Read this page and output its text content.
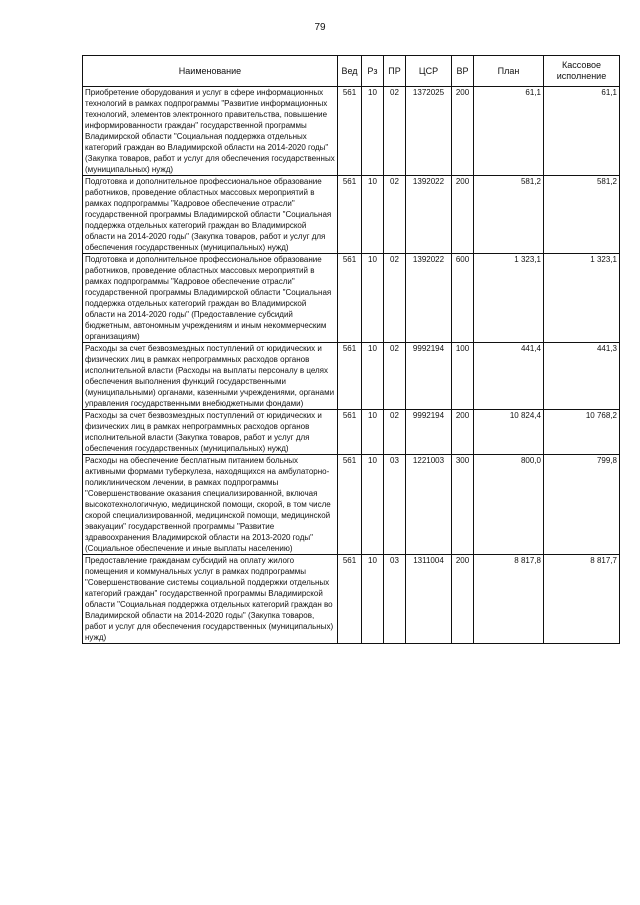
79
Наименование	Вед	Рз	ПР	ЦСР	ВР	План	Кассовое исполнение
Приобретение оборудования и услуг в сфере информационных технологий в рамках подпрограммы "Развитие информационных технологий, элементов электронного правительства, повышение информированности граждан" государственной программы Владимирской области "Социальная поддержка отдельных категорий граждан во Владимирской области на 2014-2020 годы" (Закупка товаров, работ и услуг для обеспечения государственных (муниципальных) нужд)	561	10	02	1372025	200	61,1	61,1
Подготовка и дополнительное профессиональное образование работников, проведение областных массовых мероприятий в рамках подпрограммы "Кадровое обеспечение отрасли" государственной программы Владимирской области "Социальная поддержка отдельных категорий граждан во Владимирской области на 2014-2020 годы" (Закупка товаров, работ и услуг для обеспечения государственных (муниципальных) нужд)	561	10	02	1392022	200	581,2	581,2
Подготовка и дополнительное профессиональное образование работников, проведение областных массовых мероприятий в рамках подпрограммы "Кадровое обеспечение отрасли" государственной программы Владимирской области "Социальная поддержка отдельных категорий граждан во Владимирской области на 2014-2020 годы" (Предоставление субсидий бюджетным, автономным учреждениям и иным некоммерческим организациям)	561	10	02	1392022	600	1 323,1	1 323,1
Расходы за счет безвозмездных поступлений от юридических и физических лиц в рамках непрограммных расходов органов исполнительной власти (Расходы на выплаты персоналу в целях обеспечения выполнения функций государственными (муниципальными) органами, казенными учреждениями, органами управления государственными внебюджетными фондами)	561	10	02	9992194	100	441,4	441,3
Расходы за счет безвозмездных поступлений от юридических и физических лиц в рамках непрограммных расходов органов исполнительной власти (Закупка товаров, работ и услуг для обеспечения государственных (муниципальных) нужд)	561	10	02	9992194	200	10 824,4	10 768,2
Расходы на обеспечение бесплатным питанием больных активными формами туберкулеза, находящихся на амбулаторно-поликлиническом лечении, в рамках подпрограммы "Совершенствование оказания специализированной, включая высокотехнологичную, медицинской помощи, скорой, в том числе скорой специализированной, медицинской помощи, медицинской эвакуации" государственной программы "Развитие здравоохранения Владимирской области на 2013-2020 годы" (Социальное обеспечение и иные выплаты населению)	561	10	03	1221003	300	800,0	799,8
Предоставление гражданам субсидий на оплату жилого помещения и коммунальных услуг в рамках подпрограммы "Совершенствование системы социальной поддержки отдельных категорий граждан" государственной программы Владимирской области "Социальная поддержка отдельных категорий граждан во Владимирской области на 2014-2020 годы" (Закупка товаров, работ и услуг для обеспечения государственных (муниципальных) нужд)	561	10	03	1311004	200	8 817,8	8 817,7
